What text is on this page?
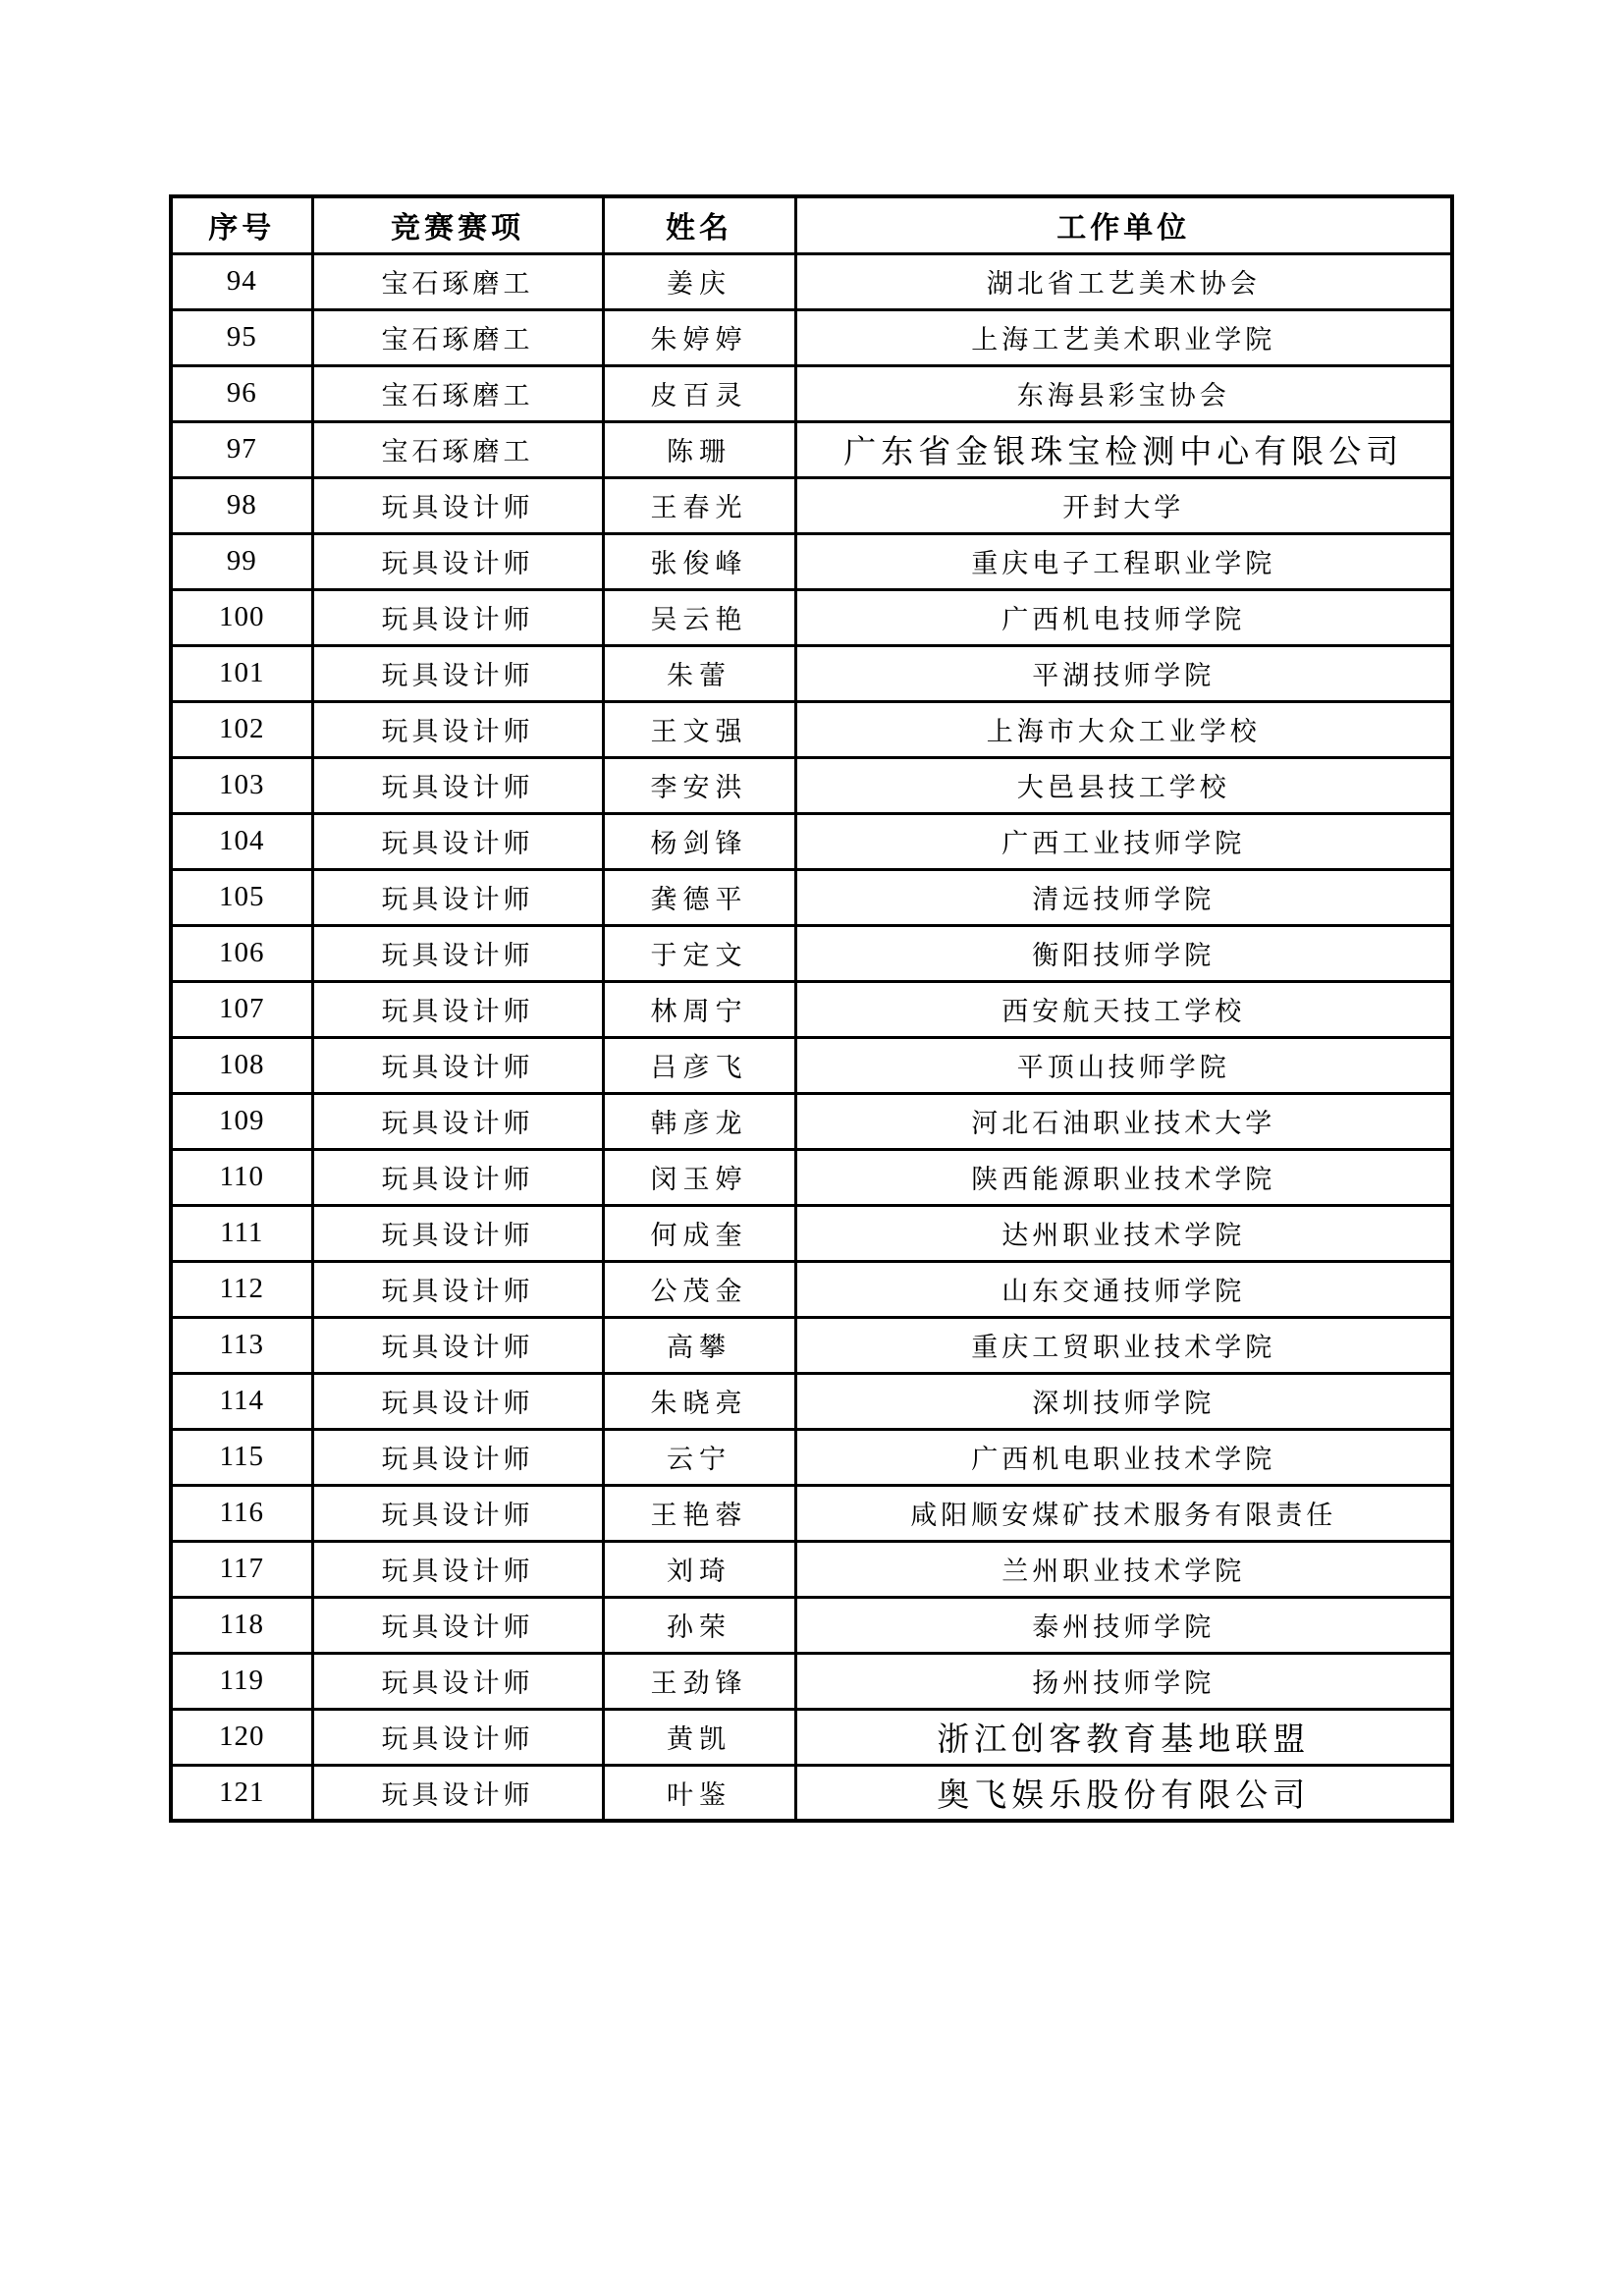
序号	竞赛赛项	姓名	工作单位
94	宝石琢磨工	姜庆	湖北省工艺美术协会
95	宝石琢磨工	朱婷婷	上海工艺美术职业学院
96	宝石琢磨工	皮百灵	东海县彩宝协会
97	宝石琢磨工	陈珊	广东省金银珠宝检测中心有限公司
98	玩具设计师	王春光	开封大学
99	玩具设计师	张俊峰	重庆电子工程职业学院
100	玩具设计师	吴云艳	广西机电技师学院
101	玩具设计师	朱蕾	平湖技师学院
102	玩具设计师	王文强	上海市大众工业学校
103	玩具设计师	李安洪	大邑县技工学校
104	玩具设计师	杨剑锋	广西工业技师学院
105	玩具设计师	龚德平	清远技师学院
106	玩具设计师	于定文	衡阳技师学院
107	玩具设计师	林周宁	西安航天技工学校
108	玩具设计师	吕彦飞	平顶山技师学院
109	玩具设计师	韩彦龙	河北石油职业技术大学
110	玩具设计师	闵玉婷	陕西能源职业技术学院
111	玩具设计师	何成奎	达州职业技术学院
112	玩具设计师	公茂金	山东交通技师学院
113	玩具设计师	高攀	重庆工贸职业技术学院
114	玩具设计师	朱晓亮	深圳技师学院
115	玩具设计师	云宁	广西机电职业技术学院
116	玩具设计师	王艳蓉	咸阳顺安煤矿技术服务有限责任
117	玩具设计师	刘琦	兰州职业技术学院
118	玩具设计师	孙荣	泰州技师学院
119	玩具设计师	王劲锋	扬州技师学院
120	玩具设计师	黄凯	浙江创客教育基地联盟
121	玩具设计师	叶鉴	奥飞娱乐股份有限公司
